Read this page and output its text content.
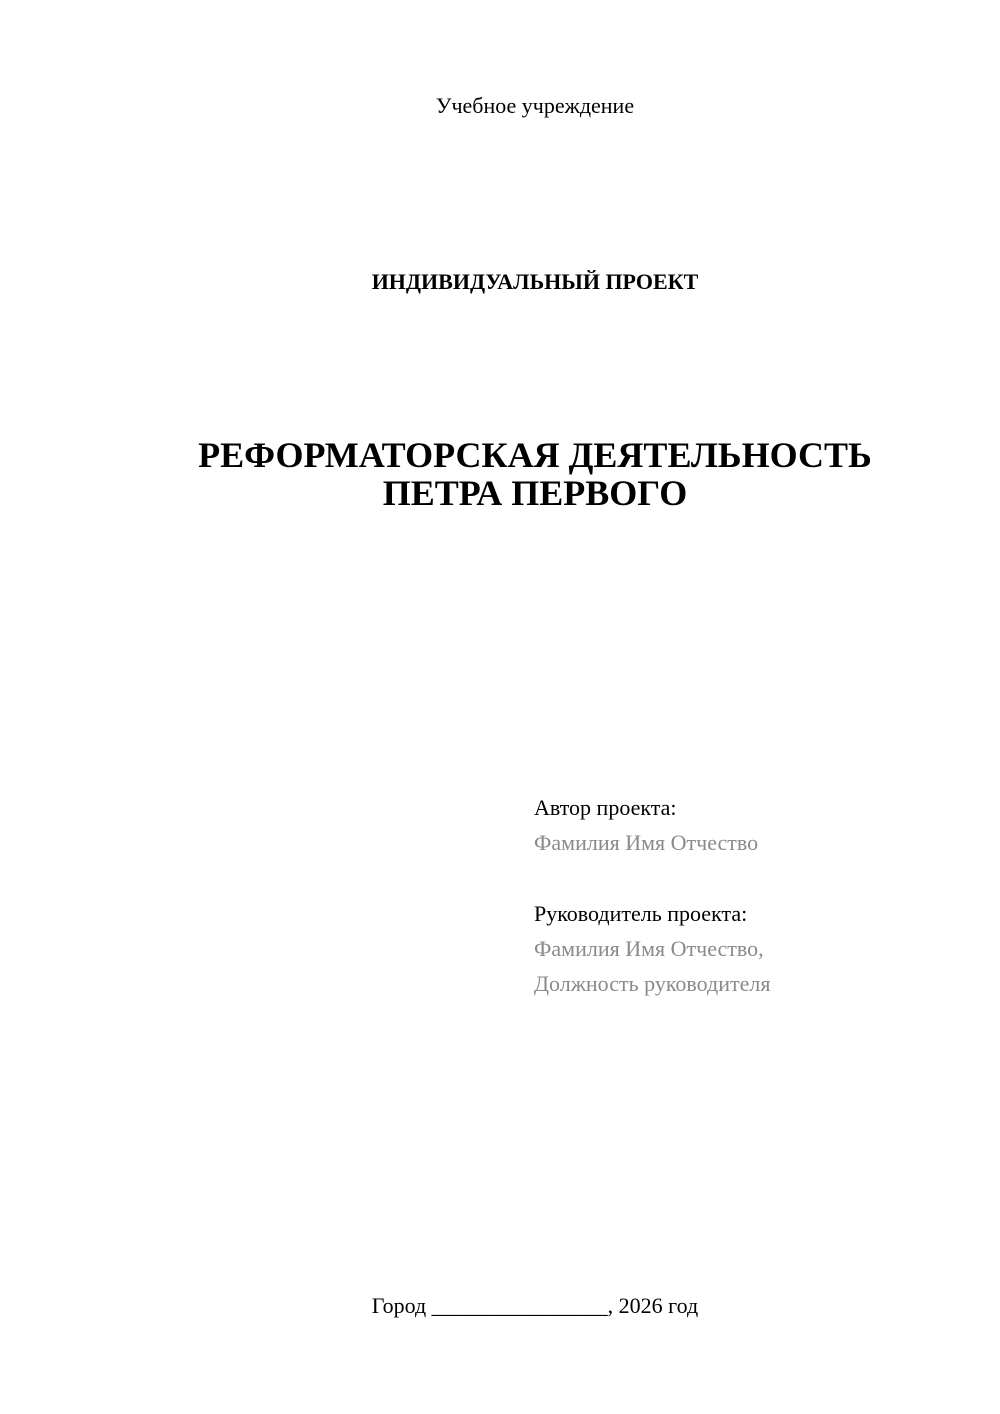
Учебное учреждение
ИНДИВИДУАЛЬНЫЙ ПРОЕКТ
РЕФОРМАТОРСКАЯ ДЕЯТЕЛЬНОСТЬ
ПЕТРА ПЕРВОГО
Автор проекта:
Фамилия Имя Отчество
Руководитель проекта:
Фамилия Имя Отчество,
Должность руководителя
Город ________________, 2026 год
